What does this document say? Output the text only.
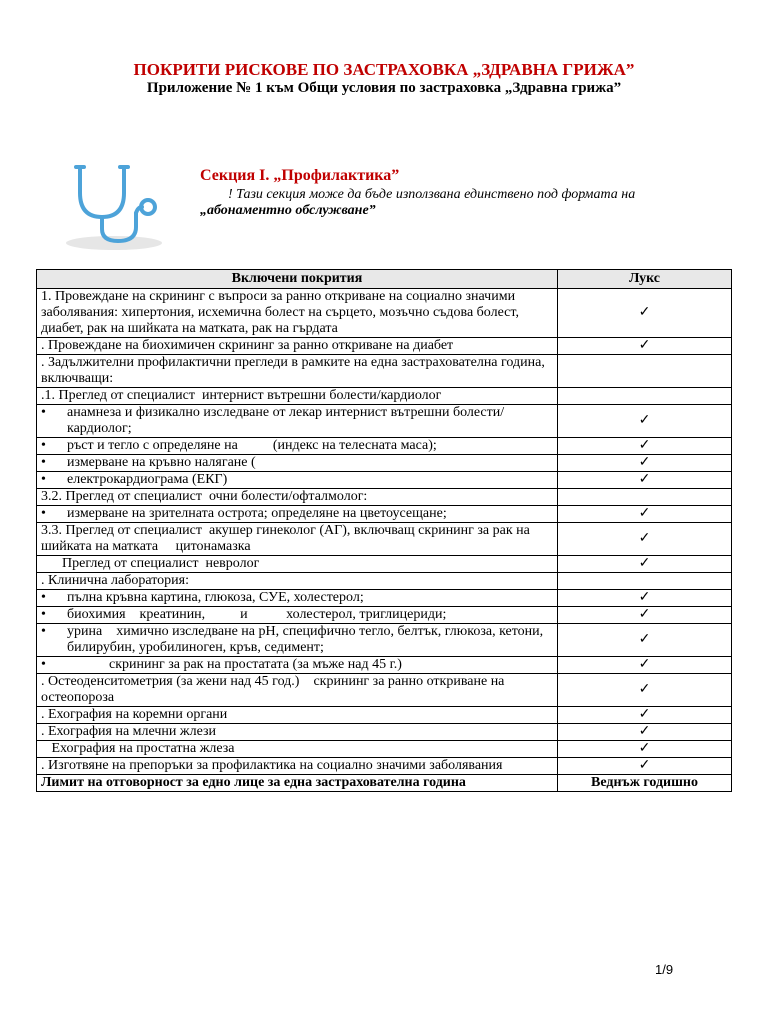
ПОКРИТИ РИСКОВЕ ПО ЗАСТРАХОВКА „ЗДРАВНА ГРИЖА”
Приложение № 1 към Общи условия по застраховка „Здравна грижа”
Секция І. „Профилактика”
! Тази секция може да бъде използвана единствено под формата на
„абонаментно обслужване”
Включени покрития	Лукс
1. Провеждане на скрининг с въпроси за ранно откриване на социално значими заболявания: хипертония, исхемична болест на сърцето, мозъчно съдова болест, диабет, рак на шийката на матката, рак на гърдата	✓
. Провеждане на биохимичен скрининг за ранно откриване на диабет	✓
. Задължителни профилактични прегледи в рамките на една застрахователна година, включващи:	
.1. Преглед от специалист  интернист вътрешни болести/кардиолог	

• анамнеза и физикално изследване от лекар интернист вътрешни болести/кардиолог;	✓

• ръст и тегло с определяне на          (индекс на телесната маса);	✓

• измерване на кръвно налягане (	✓

• електрокардиограма (ЕКГ)	✓
3.2. Преглед от специалист  очни болести/офталмолог:	

• измерване на зрителната острота; определяне на цветоусещане;	✓
3.3. Преглед от специалист  акушер гинеколог (АГ), включващ скрининг за рак на шийката на матката     цитонамазка	✓
Преглед от специалист  невролог	✓
. Клинична лаборатория:	

• пълна кръвна картина, глюкоза, СУЕ, холестерол;	✓

• биохимия    креатинин,          и           холестерол, триглицериди;	✓

• урина    химично изследване на рН, специфично тегло, белтък, глюкоза, кетони, билирубин, уробилиноген, кръв, седимент;	✓

•             скрининг за рак на простатата (за мъже над 45 г.)	✓
. Остеоденситометрия (за жени над 45 год.)    скрининг за ранно откриване на остеопороза	✓
. Ехография на коремни органи	✓
. Ехография на млечни жлези	✓
Ехография на простатна жлеза	✓
. Изготвяне на препоръки за профилактика на социално значими заболявания	✓
Лимит на отговорност за едно лице за една застрахователна година	Веднъж годишно
1/9
